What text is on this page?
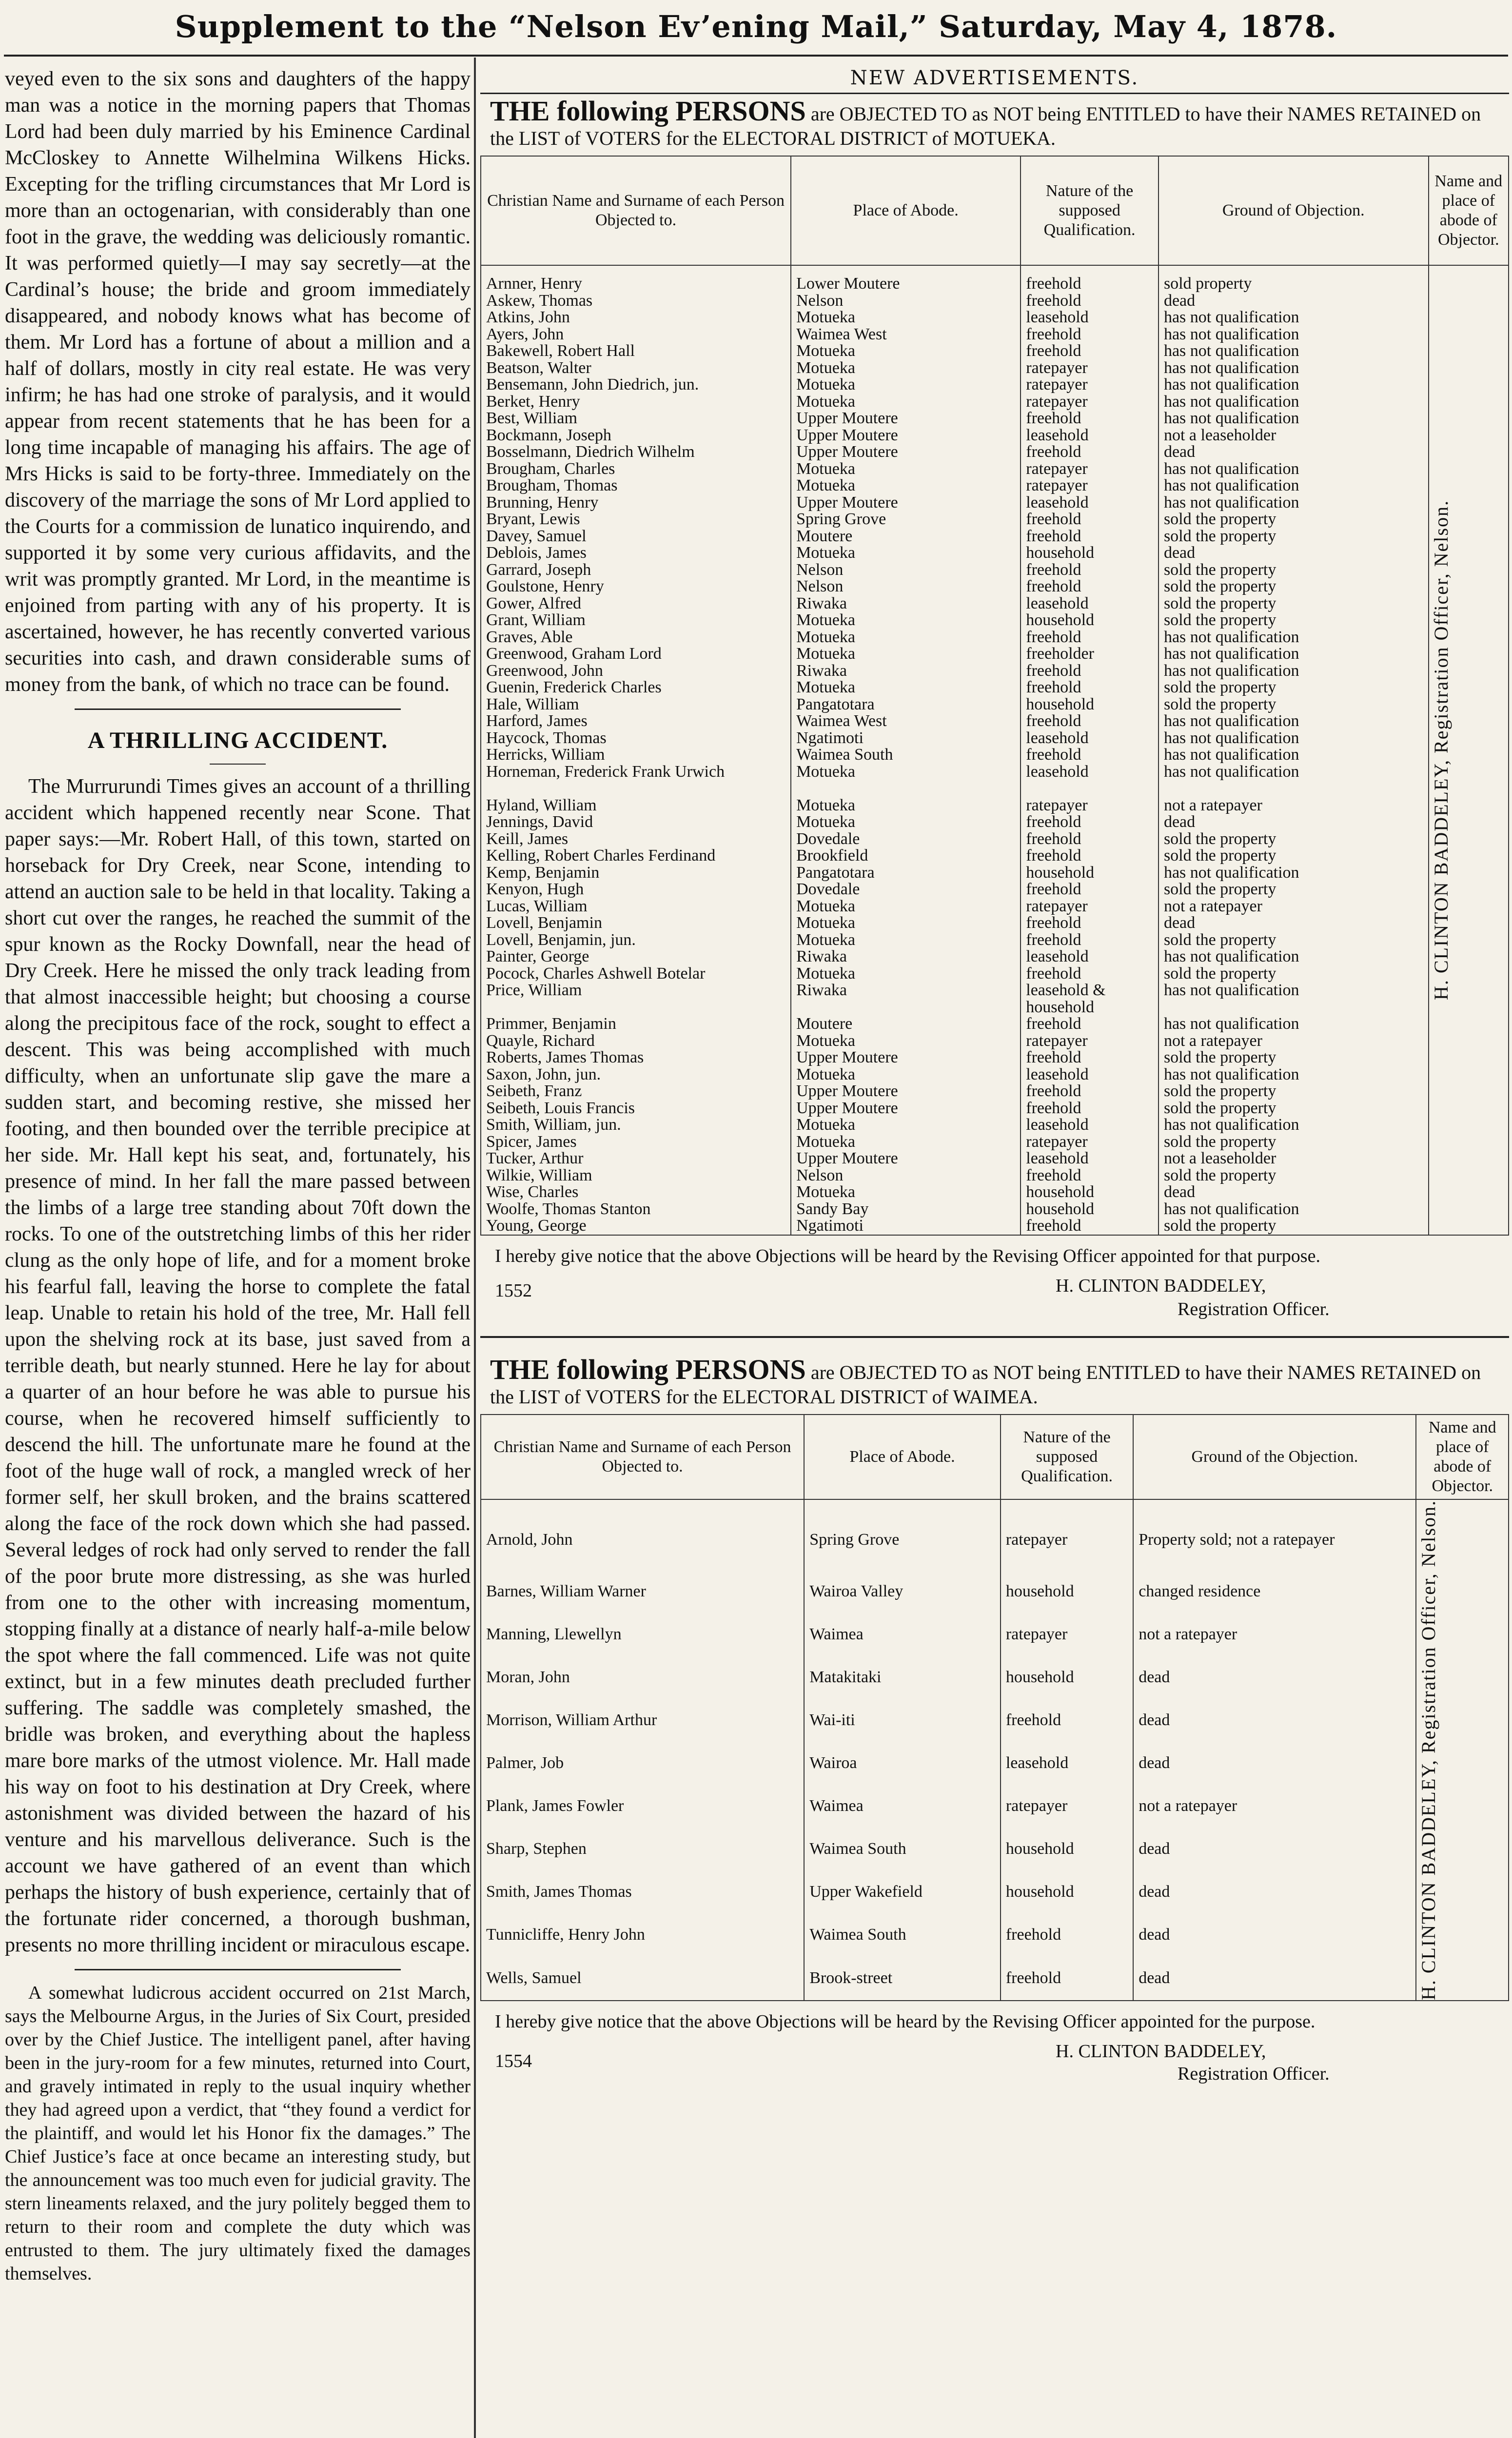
Supplement to the “Nelson Ev’ening Mail,” Saturday, May 4, 1878.

veyed even to the six sons and daughters of the happy man was a notice in the morning papers that Thomas Lord had been duly married by his Eminence Cardinal McCloskey to Annette Wilhelmina Wilkens Hicks. Excepting for the trifling circumstances that Mr Lord is more than an octogenarian, with considerably than one foot in the grave, the wedding was deliciously romantic. It was performed quietly—I may say secretly—at the Cardinal’s house; the bride and groom immediately disappeared, and nobody knows what has become of them. Mr Lord has a fortune of about a million and a half of dollars, mostly in city real estate. He was very infirm; he has had one stroke of paralysis, and it would appear from recent statements that he has been for a long time incapable of managing his affairs. The age of Mrs Hicks is said to be forty-three. Immediately on the discovery of the marriage the sons of Mr Lord applied to the Courts for a commission de lunatico inquirendo, and supported it by some very curious affidavits, and the writ was promptly granted. Mr Lord, in the meantime is enjoined from parting with any of his property. It is ascertained, however, he has recently converted various securities into cash, and drawn considerable sums of money from the bank, of which no trace can be found.

A THRILLING ACCIDENT.

The Murrurundi Times gives an account of a thrilling accident which happened recently near Scone. That paper says:—Mr. Robert Hall, of this town, started on horseback for Dry Creek, near Scone, intending to attend an auction sale to be held in that locality. Taking a short cut over the ranges, he reached the summit of the spur known as the Rocky Downfall, near the head of Dry Creek. Here he missed the only track leading from that almost inaccessible height; but choosing a course along the precipitous face of the rock, sought to effect a descent. This was being accomplished with much difficulty, when an unfortunate slip gave the mare a sudden start, and becoming restive, she missed her footing, and then bounded over the terrible precipice at her side. Mr. Hall kept his seat, and, fortunately, his presence of mind. In her fall the mare passed between the limbs of a large tree standing about 70ft down the rocks. To one of the outstretching limbs of this her rider clung as the only hope of life, and for a moment broke his fearful fall, leaving the horse to complete the fatal leap. Unable to retain his hold of the tree, Mr. Hall fell upon the shelving rock at its base, just saved from a terrible death, but nearly stunned. Here he lay for about a quarter of an hour before he was able to pursue his course, when he recovered himself sufficiently to descend the hill. The unfortunate mare he found at the foot of the huge wall of rock, a mangled wreck of her former self, her skull broken, and the brains scattered along the face of the rock down which she had passed. Several ledges of rock had only served to render the fall of the poor brute more distressing, as she was hurled from one to the other with increasing momentum, stopping finally at a distance of nearly half-a-mile below the spot where the fall commenced. Life was not quite extinct, but in a few minutes death precluded further suffering. The saddle was completely smashed, the bridle was broken, and everything about the hapless mare bore marks of the utmost violence. Mr. Hall made his way on foot to his destination at Dry Creek, where astonishment was divided between the hazard of his venture and his marvellous deliverance. Such is the account we have gathered of an event than which perhaps the history of bush experience, certainly that of the fortunate rider concerned, a thorough bushman, presents no more thrilling incident or miraculous escape.

A somewhat ludicrous accident occurred on 21st March, says the Melbourne Argus, in the Juries of Six Court, presided over by the Chief Justice. The intelligent panel, after having been in the jury-room for a few minutes, returned into Court, and gravely intimated in reply to the usual inquiry whether they had agreed upon a verdict, that “they found a verdict for the plaintiff, and would let his Honor fix the damages.” The Chief Justice’s face at once became an interesting study, but the announcement was too much even for judicial gravity. The stern lineaments relaxed, and the jury politely begged them to return to their room and complete the duty which was entrusted to them. The jury ultimately fixed the damages themselves.

NEW ADVERTISEMENTS.
THE following PERSONS are OBJECTED TO as NOT being ENTITLED to have their NAMES RETAINED on the LIST of VOTERS for the ELECTORAL DISTRICT of MOTUEKA.
Christian Name and Surname of each Person Objected to.	Place of Abode.	Nature of the supposed Qualification.	Ground of Objection.	Name and place of abode of Objector.
Arnner, Henry	Lower Moutere	freehold	sold property	H. CLINTON BADDELEY, Registration Officer, Nelson.

Askew, Thomas	Nelson	freehold	dead	
Atkins, John	Motueka	leasehold	has not qualification	
Ayers, John	Waimea West	freehold	has not qualification	
Bakewell, Robert Hall	Motueka	freehold	has not qualification	
Beatson, Walter	Motueka	ratepayer	has not qualification	
Bensemann, John Diedrich, jun.	Motueka	ratepayer	has not qualification	
Berket, Henry	Motueka	ratepayer	has not qualification	
Best, William	Upper Moutere	freehold	has not qualification	
Bockmann, Joseph	Upper Moutere	leasehold	not a leaseholder	
Bosselmann, Diedrich Wilhelm	Upper Moutere	freehold	dead	
Brougham, Charles	Motueka	ratepayer	has not qualification	
Brougham, Thomas	Motueka	ratepayer	has not qualification	
Brunning, Henry	Upper Moutere	leasehold	has not qualification	
Bryant, Lewis	Spring Grove	freehold	sold the property	
Davey, Samuel	Moutere	freehold	sold the property	
Deblois, James	Motueka	household	dead	
Garrard, Joseph	Nelson	freehold	sold the property	
Goulstone, Henry	Nelson	freehold	sold the property	
Gower, Alfred	Riwaka	leasehold	sold the property	
Grant, William	Motueka	household	sold the property	
Graves, Able	Motueka	freehold	has not qualification	
Greenwood, Graham Lord	Motueka	freeholder	has not qualification	
Greenwood, John	Riwaka	freehold	has not qualification	
Guenin, Frederick Charles	Motueka	freehold	sold the property	
Hale, William	Pangatotara	household	sold the property	
Harford, James	Waimea West	freehold	has not qualification	
Haycock, Thomas	Ngatimoti	leasehold	has not qualification	
Herricks, William	Waimea South	freehold	has not qualification	
Horneman, Frederick Frank Urwich	Motueka	leasehold	has not qualification	

Hyland, William	Motueka	ratepayer	not a ratepayer	
Jennings, David	Motueka	freehold	dead	
Keill, James	Dovedale	freehold	sold the property	
Kelling, Robert Charles Ferdinand	Brookfield	freehold	sold the property	
Kemp, Benjamin	Pangatotara	household	has not qualification	
Kenyon, Hugh	Dovedale	freehold	sold the property	
Lucas, William	Motueka	ratepayer	not a ratepayer	
Lovell, Benjamin	Motueka	freehold	dead	
Lovell, Benjamin, jun.	Motueka	freehold	sold the property	
Painter, George	Riwaka	leasehold	has not qualification	
Pocock, Charles Ashwell Botelar	Motueka	freehold	sold the property	
Price, William	Riwaka	leasehold &	has not qualification	
		household		
Primmer, Benjamin	Moutere	freehold	has not qualification	
Quayle, Richard	Motueka	ratepayer	not a ratepayer	
Roberts, James Thomas	Upper Moutere	freehold	sold the property	
Saxon, John, jun.	Motueka	leasehold	has not qualification	
Seibeth, Franz	Upper Moutere	freehold	sold the property	
Seibeth, Louis Francis	Upper Moutere	freehold	sold the property	
Smith, William, jun.	Motueka	leasehold	has not qualification	
Spicer, James	Motueka	ratepayer	sold the property	
Tucker, Arthur	Upper Moutere	leasehold	not a leaseholder	
Wilkie, William	Nelson	freehold	sold the property	
Wise, Charles	Motueka	household	dead	
Woolfe, Thomas Stanton	Sandy Bay	household	has not qualification	
Young, George	Ngatimoti	freehold	sold the property	

I hereby give notice that the above Objections will be heard by the Revising Officer appointed for that purpose.
1552	H. CLINTON BADDELEY,
Registration Officer.
THE following PERSONS are OBJECTED TO as NOT being ENTITLED to have their NAMES RETAINED on the LIST of VOTERS for the ELECTORAL DISTRICT of WAIMEA.
Christian Name and Surname of each Person Objected to.	Place of Abode.	Nature of the supposed Qualification.	Ground of the Objection.	Name and place of abode of Objector.
Arnold, John	Spring Grove	ratepayer	Property sold; not a ratepayer	H. CLINTON BADDELEY, Registration Officer, Nelson.

Barnes, William Warner	Wairoa Valley	household	changed residence	
Manning, Llewellyn	Waimea	ratepayer	not a ratepayer	
Moran, John	Matakitaki	household	dead	
Morrison, William Arthur	Wai-iti	freehold	dead	
Palmer, Job	Wairoa	leasehold	dead	
Plank, James Fowler	Waimea	ratepayer	not a ratepayer	
Sharp, Stephen	Waimea South	household	dead	
Smith, James Thomas	Upper Wakefield	household	dead	
Tunnicliffe, Henry John	Waimea South	freehold	dead	
Wells, Samuel	Brook-street	freehold	dead	

I hereby give notice that the above Objections will be heard by the Revising Officer appointed for the purpose.
1554	H. CLINTON BADDELEY,
Registration Officer.
